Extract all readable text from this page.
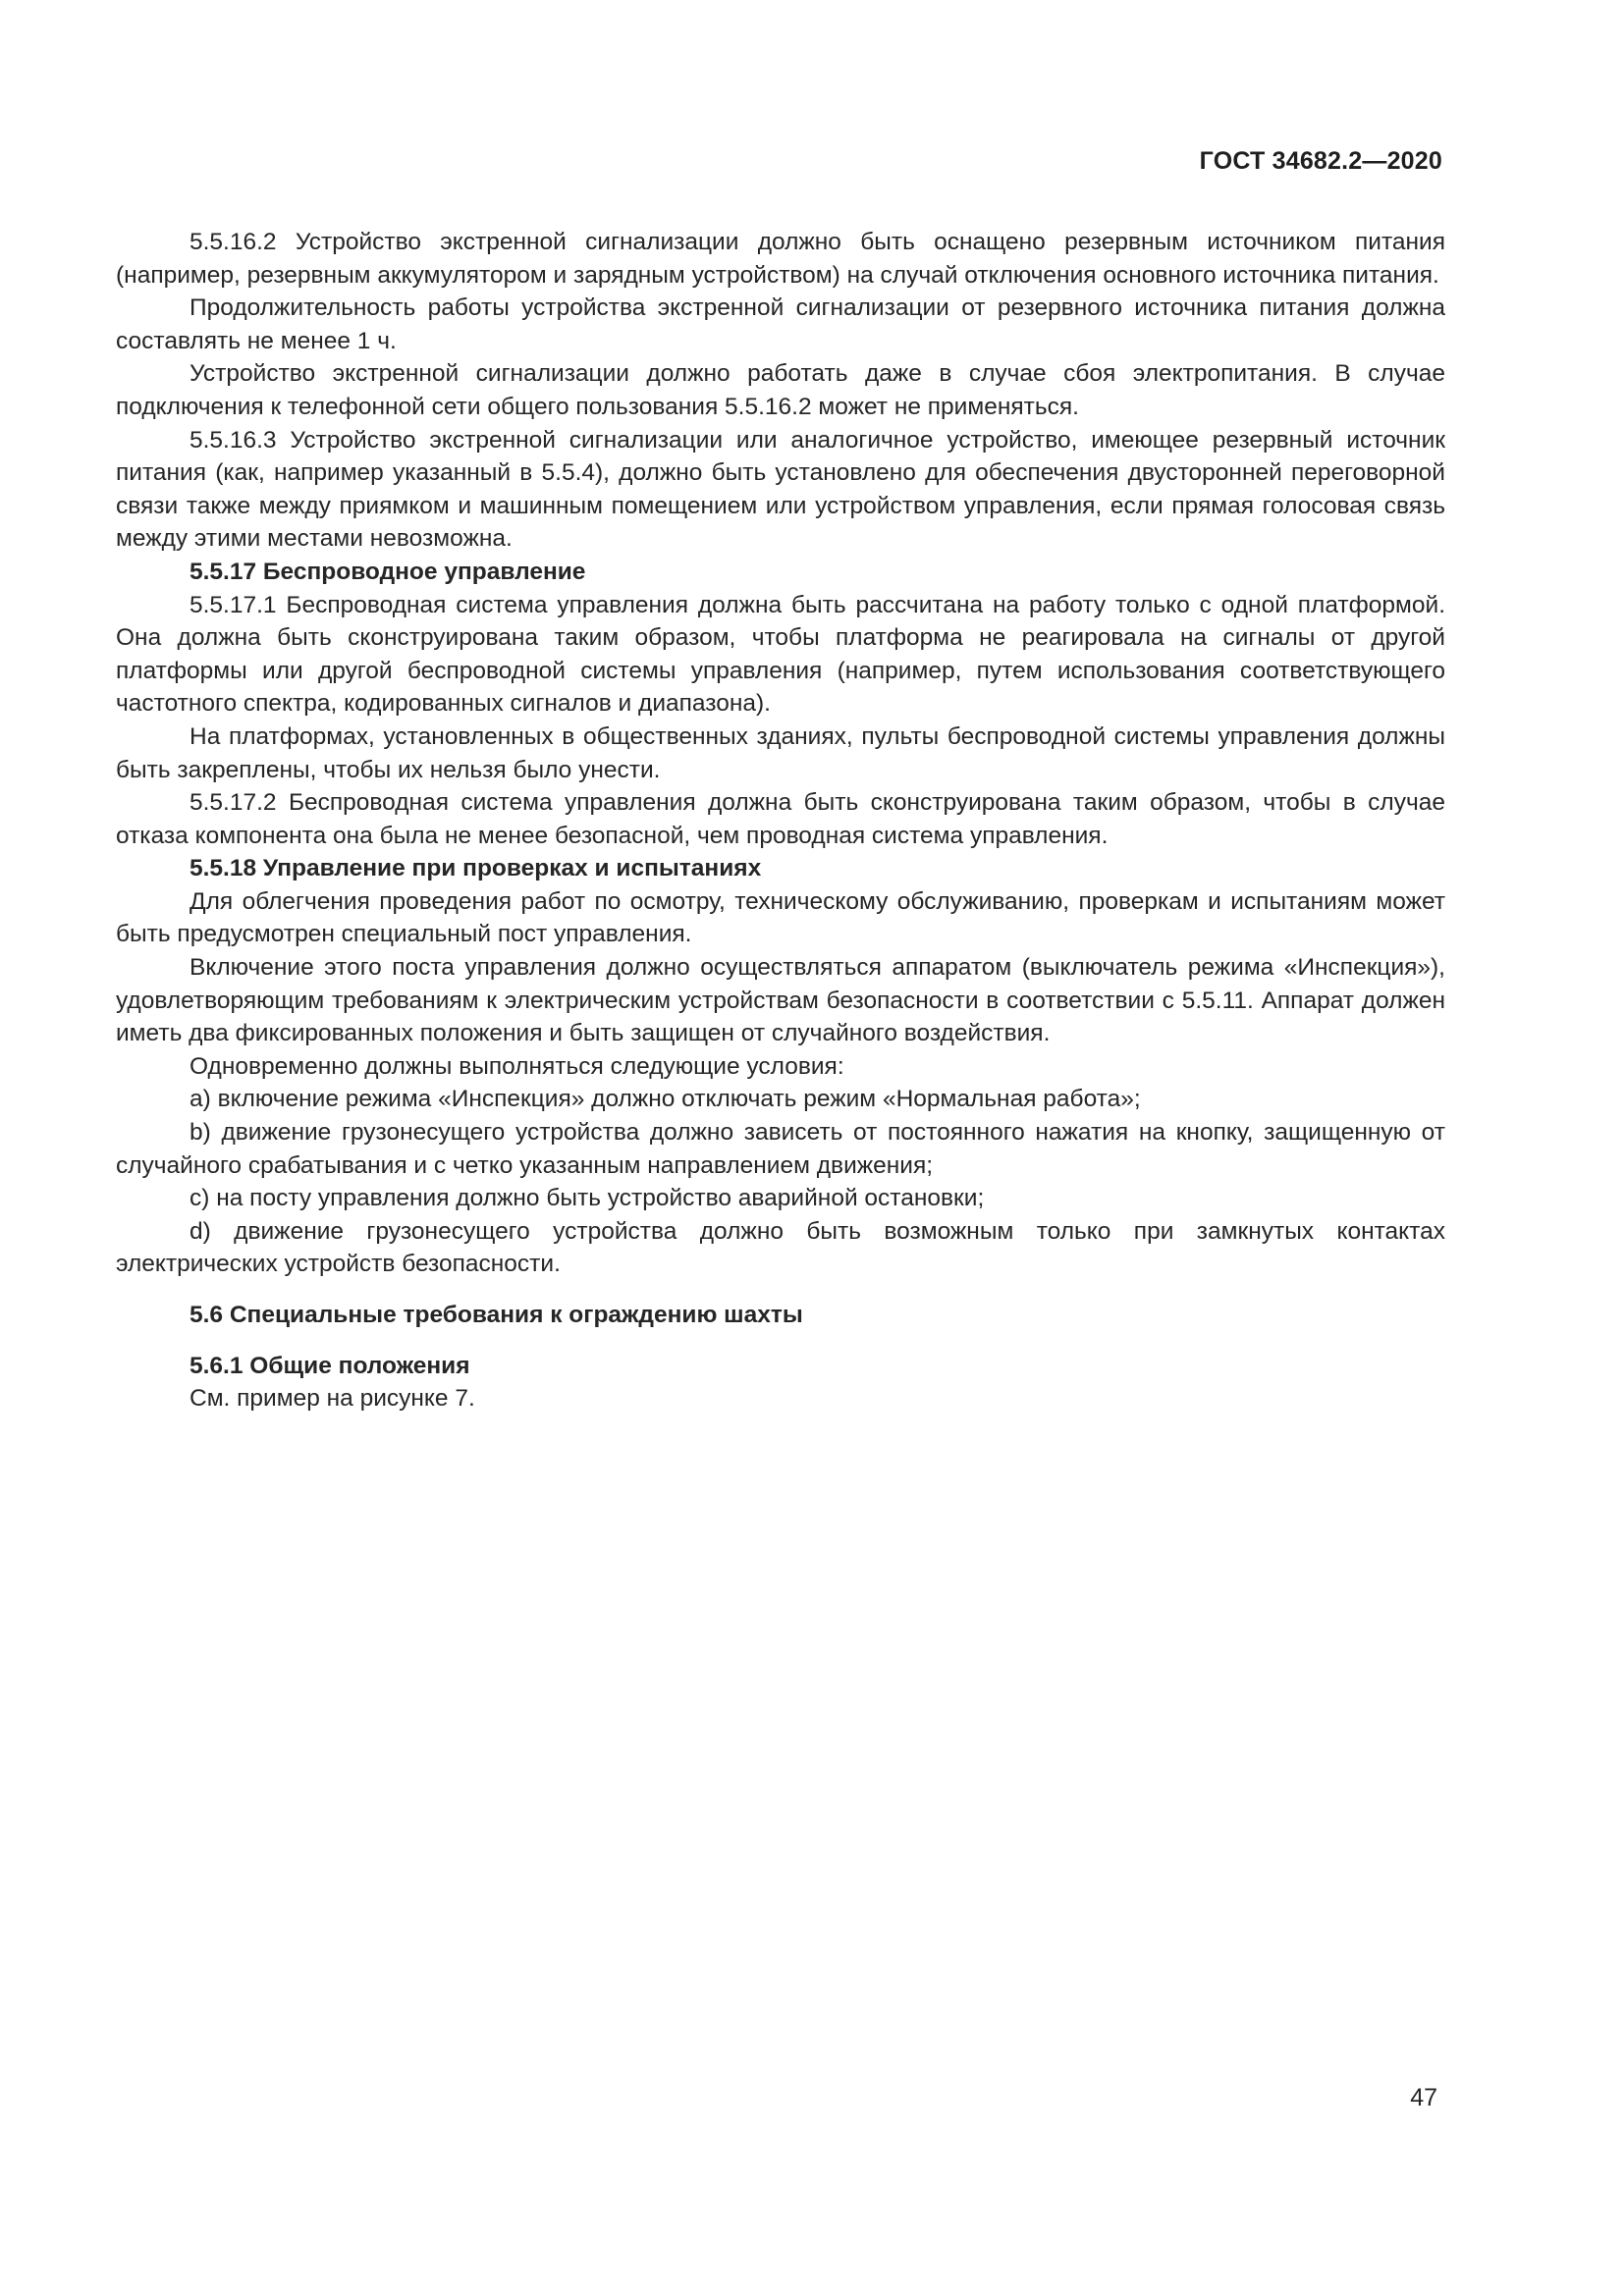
ГОСТ 34682.2—2020

5.5.16.2 Устройство экстренной сигнализации должно быть оснащено резервным источником питания (например, резервным аккумулятором и зарядным устройством) на случай отключения основного источника питания.

Продолжительность работы устройства экстренной сигнализации от резервного источника питания должна составлять не менее 1 ч.

Устройство экстренной сигнализации должно работать даже в случае сбоя электропитания. В случае подключения к телефонной сети общего пользования 5.5.16.2 может не применяться.

5.5.16.3 Устройство экстренной сигнализации или аналогичное устройство, имеющее резервный источник питания (как, например указанный в 5.5.4), должно быть установлено для обеспечения двусторонней переговорной связи также между приямком и машинным помещением или устройством управления, если прямая голосовая связь между этими местами невозможна.

5.5.17 Беспроводное управление

5.5.17.1 Беспроводная система управления должна быть рассчитана на работу только с одной платформой. Она должна быть сконструирована таким образом, чтобы платформа не реагировала на сигналы от другой платформы или другой беспроводной системы управления (например, путем использования соответствующего частотного спектра, кодированных сигналов и диапазона).

На платформах, установленных в общественных зданиях, пульты беспроводной системы управления должны быть закреплены, чтобы их нельзя было унести.

5.5.17.2 Беспроводная система управления должна быть сконструирована таким образом, чтобы в случае отказа компонента она была не менее безопасной, чем проводная система управления.

5.5.18 Управление при проверках и испытаниях

Для облегчения проведения работ по осмотру, техническому обслуживанию, проверкам и испытаниям может быть предусмотрен специальный пост управления.

Включение этого поста управления должно осуществляться аппаратом (выключатель режима «Инспекция»), удовлетворяющим требованиям к электрическим устройствам безопасности в соответствии с 5.5.11. Аппарат должен иметь два фиксированных положения и быть защищен от случайного воздействия.

Одновременно должны выполняться следующие условия:

a) включение режима «Инспекция» должно отключать режим «Нормальная работа»;

b) движение грузонесущего устройства должно зависеть от постоянного нажатия на кнопку, защищенную от случайного срабатывания и с четко указанным направлением движения;

c) на посту управления должно быть устройство аварийной остановки;

d) движение грузонесущего устройства должно быть возможным только при замкнутых контактах электрических устройств безопасности.

5.6 Специальные требования к ограждению шахты

5.6.1 Общие положения

См. пример на рисунке 7.

47
